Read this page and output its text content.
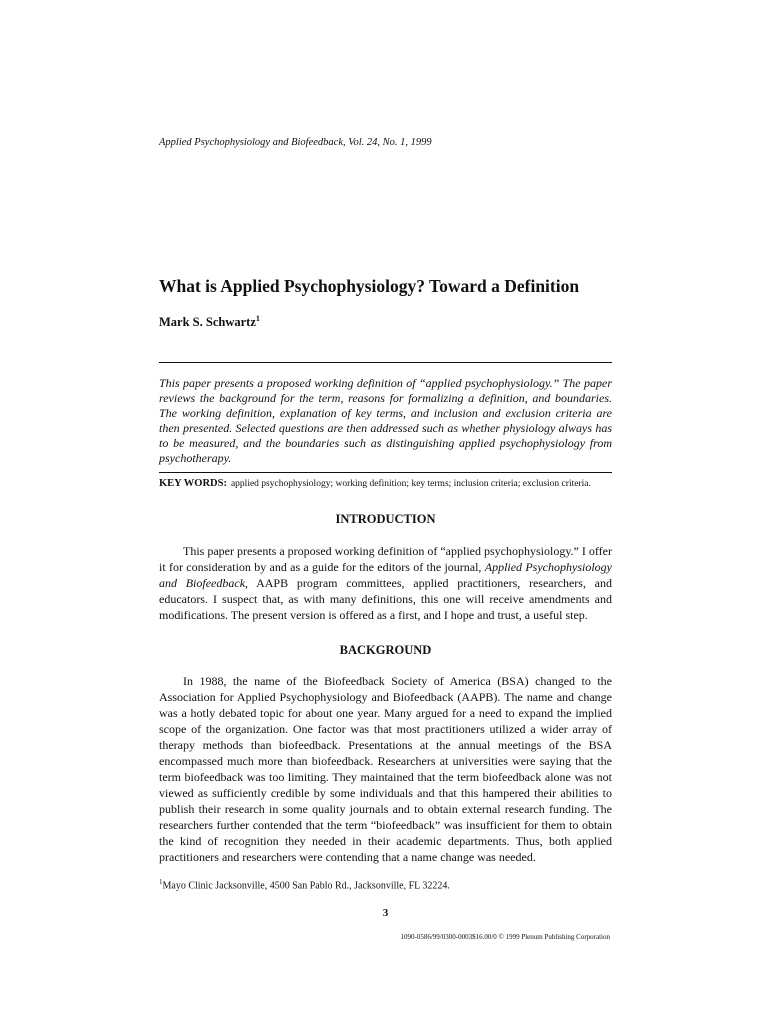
Applied Psychophysiology and Biofeedback, Vol. 24, No. 1, 1999
What is Applied Psychophysiology? Toward a Definition
Mark S. Schwartz$^1$

This paper presents a proposed working definition of “applied psychophysiology.” The paper reviews the background for the term, reasons for formalizing a definition, and boundaries. The working definition, explanation of key terms, and inclusion and exclusion criteria are then presented. Selected questions are then addressed such as whether physiology always has to be measured, and the boundaries such as distinguishing applied psychophysiology from psychotherapy.

KEY WORDS: applied psychophysiology; working definition; key terms; inclusion criteria; exclusion criteria.

INTRODUCTION

This paper presents a proposed working definition of “applied psychophysiology.” I offer it for consideration by and as a guide for the editors of the journal, Applied Psychophysiology and Biofeedback, AAPB program committees, applied practitioners, researchers, and educators. I suspect that, as with many definitions, this one will receive amendments and modifications. The present version is offered as a first, and I hope and trust, a useful step.

BACKGROUND

In 1988, the name of the Biofeedback Society of America (BSA) changed to the Association for Applied Psychophysiology and Biofeedback (AAPB). The name and change was a hotly debated topic for about one year. Many argued for a need to expand the implied scope of the organization. One factor was that most practitioners utilized a wider array of therapy methods than biofeedback. Presentations at the annual meetings of the BSA encompassed much more than biofeedback. Researchers at universities were saying that the term biofeedback was too limiting. They maintained that the term biofeedback alone was not viewed as sufficiently credible by some individuals and that this hampered their abilities to publish their research in some quality journals and to obtain external research funding. The researchers further contended that the term “biofeedback” was insufficient for them to obtain the kind of recognition they needed in their academic departments. Thus, both applied practitioners and researchers were contending that a name change was needed.

$^1$Mayo Clinic Jacksonville, 4500 San Pablo Rd., Jacksonville, FL 32224.
3
1090-0586/99/0300-0003$16.00/0 © 1999 Plenum Publishing Corporation
